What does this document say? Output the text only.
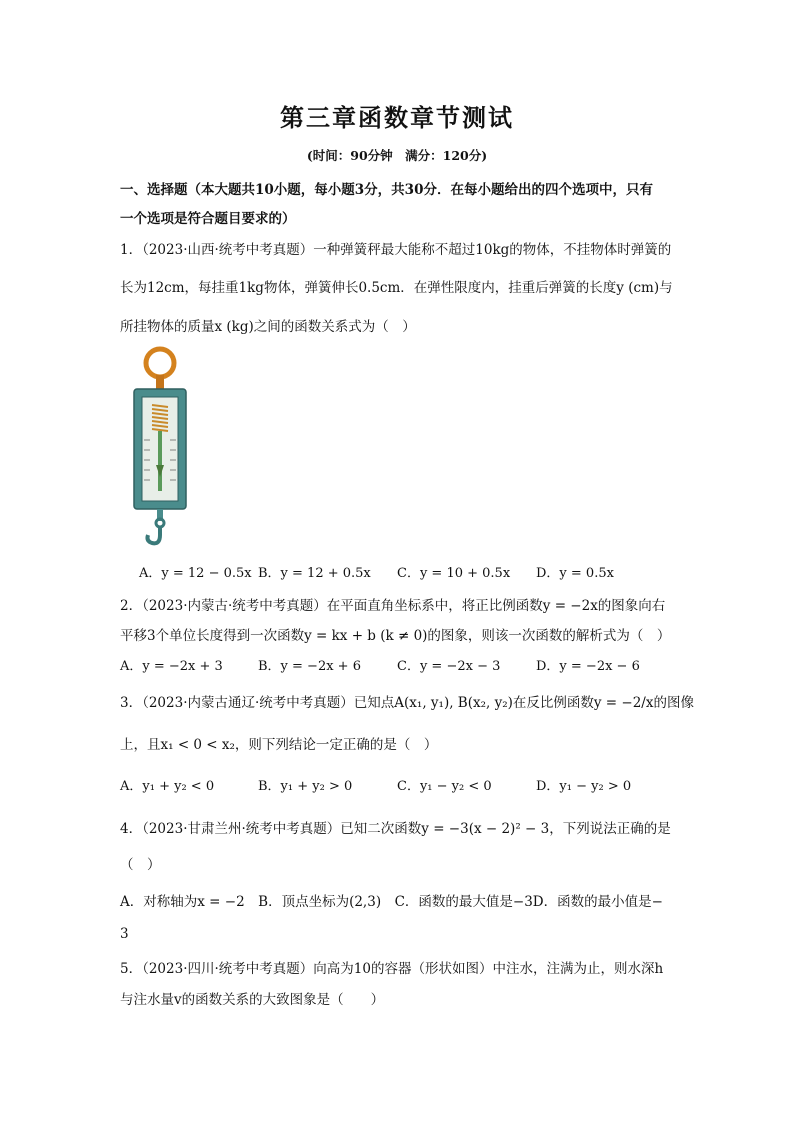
第三章函数章节测试
(时间：90分钟　满分：120分)
一、选择题（本大题共10小题，每小题3分，共30分．在每小题给出的四个选项中，只有
一个选项是符合题目要求的）
1．（2023·山西·统考中考真题）一种弹簧秤最大能称不超过10kg的物体，不挂物体时弹簧的
长为12cm，每挂重1kg物体，弹簧伸长0.5cm．在弹性限度内，挂重后弹簧的长度y (cm)与
所挂物体的质量x (kg)之间的函数关系式为（　）
A．y = 12 − 0.5x B．y = 12 + 0.5x C．y = 10 + 0.5x D．y = 0.5x
2．（2023·内蒙古·统考中考真题）在平面直角坐标系中，将正比例函数y = −2x的图象向右
平移3个单位长度得到一次函数y = kx + b (k ≠ 0)的图象，则该一次函数的解析式为（　）
A．y = −2x + 3	B．y = −2x + 6	C．y = −2x − 3	D．y = −2x − 6
3．（2023·内蒙古通辽·统考中考真题）已知点A(x₁, y₁), B(x₂, y₂)在反比例函数y = −2/x的图像
上，且x₁ < 0 < x₂，则下列结论一定正确的是（　）
A．y₁ + y₂ < 0	B．y₁ + y₂ > 0	C．y₁ − y₂ < 0	D．y₁ − y₂ > 0
4．（2023·甘肃兰州·统考中考真题）已知二次函数y = −3(x − 2)² − 3，下列说法正确的是
（　）
A．对称轴为x = −2　B．顶点坐标为(2,3)　C．函数的最大值是−3D．函数的最小值是−
3
5．（2023·四川·统考中考真题）向高为10的容器（形状如图）中注水，注满为止，则水深h
与注水量v的函数关系的大致图象是（　　）
